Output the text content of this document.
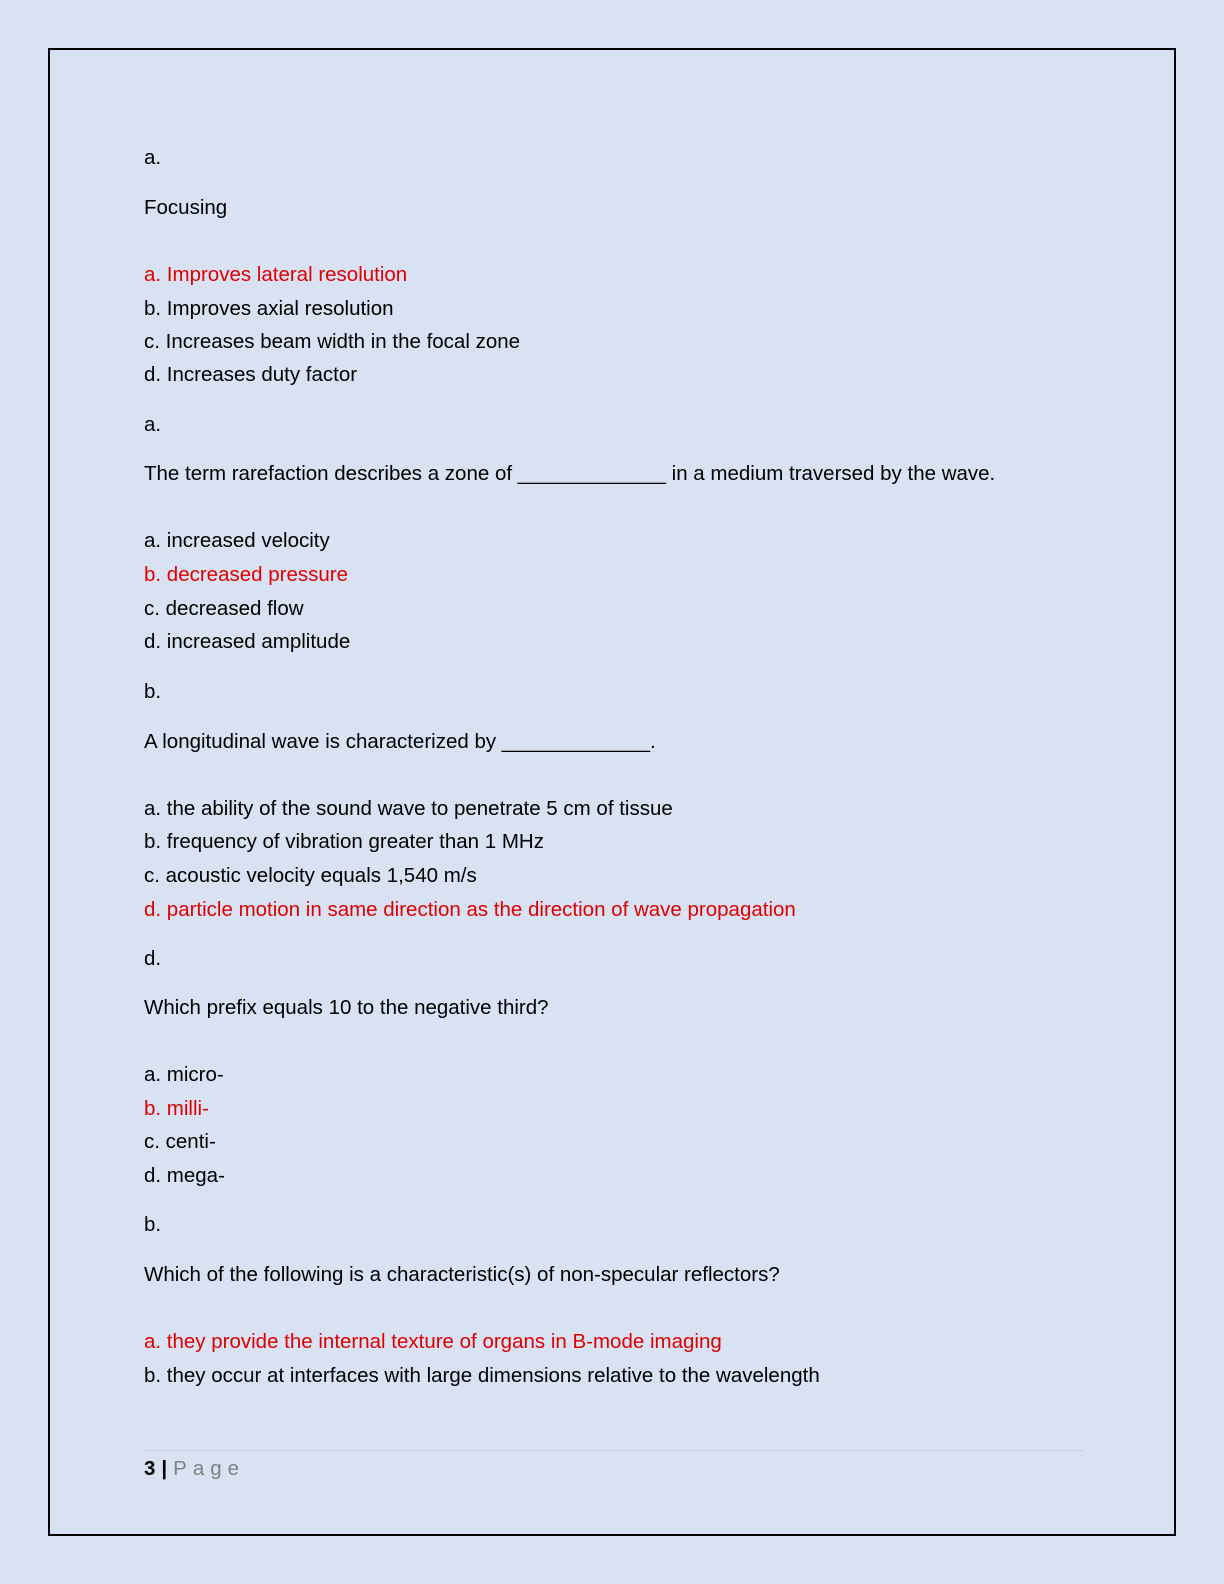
a.
Focusing
a. Improves lateral resolution
b. Improves axial resolution
c. Increases beam width in the focal zone
d. Increases duty factor
a.
The term rarefaction describes a zone of _____________ in a medium traversed by the wave.
a. increased velocity
b. decreased pressure
c. decreased flow
d. increased amplitude
b.
A longitudinal wave is characterized by _____________.
a. the ability of the sound wave to penetrate 5 cm of tissue
b. frequency of vibration greater than 1 MHz
c. acoustic velocity equals 1,540 m/s
d. particle motion in same direction as the direction of wave propagation
d.
Which prefix equals 10 to the negative third?
a. micro-
b. milli-
c. centi-
d. mega-
b.
Which of the following is a characteristic(s) of non-specular reflectors?
a. they provide the internal texture of organs in B-mode imaging
b. they occur at interfaces with large dimensions relative to the wavelength
3 | Page
